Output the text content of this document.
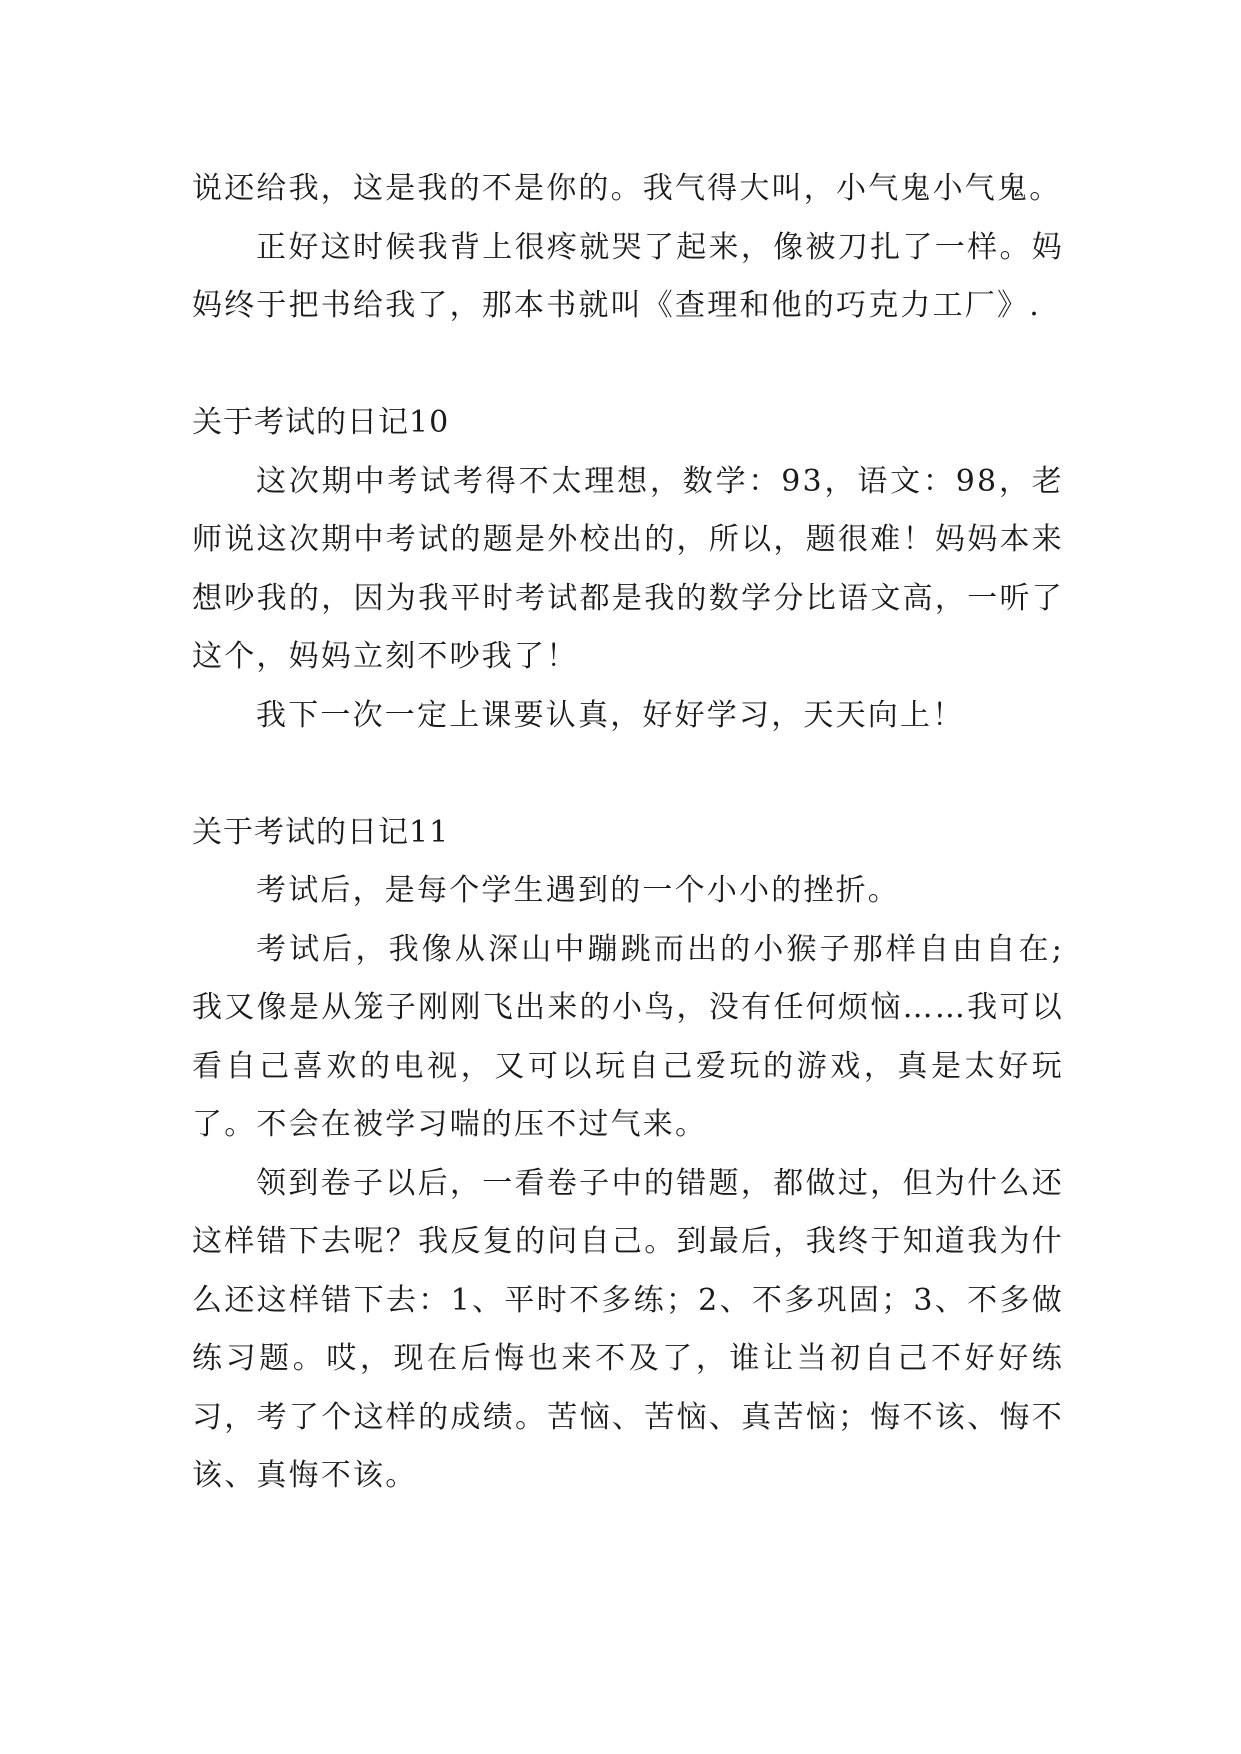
说还给我，这是我的不是你的。我气得大叫，小气鬼小气鬼。

正好这时候我背上很疼就哭了起来，像被刀扎了一样。妈妈终于把书给我了，那本书就叫《查理和他的巧克力工厂》.

关于考试的日记10

这次期中考试考得不太理想，数学：93，语文：98，老师说这次期中考试的题是外校出的，所以，题很难！妈妈本来想吵我的，因为我平时考试都是我的数学分比语文高，一听了这个，妈妈立刻不吵我了！

我下一次一定上课要认真，好好学习，天天向上！

关于考试的日记11

考试后，是每个学生遇到的一个小小的挫折。

考试后，我像从深山中蹦跳而出的小猴子那样自由自在;我又像是从笼子刚刚飞出来的小鸟，没有任何烦恼……我可以看自己喜欢的电视，又可以玩自己爱玩的游戏，真是太好玩了。不会在被学习喘的压不过气来。

领到卷子以后，一看卷子中的错题，都做过，但为什么还这样错下去呢？我反复的问自己。到最后，我终于知道我为什么还这样错下去：1、平时不多练；2、不多巩固；3、不多做练习题。哎，现在后悔也来不及了，谁让当初自己不好好练习，考了个这样的成绩。苦恼、苦恼、真苦恼；悔不该、悔不该、真悔不该。
